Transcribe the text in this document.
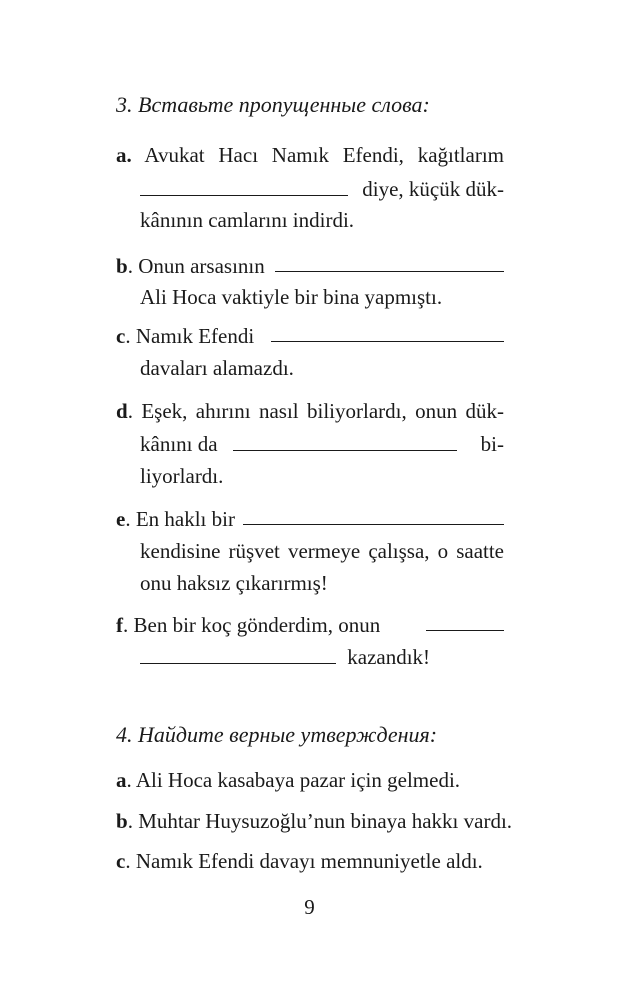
3. Вставьте пропущенные слова:
a. Avukat Hacı Namık Efendi, kağıtlarım
diye, küçük dük-
kânının camlarını indirdi.
b. Onun arsasının
Ali Hoca vaktiyle bir bina yapmıştı.
c. Namık Efendi
davaları alamazdı.
d. Eşek, ahırını nasıl biliyorlardı, onun dük-
kânını da	bi-
liyorlardı.
e. En haklı bir
kendisine rüşvet vermeye çalışsa, o saatte
onu haksız çıkarırmış!
f. Ben bir koç gönderdim, onun
kazandık!
4. Найдите верные утверждения:
a. Ali Hoca kasabaya pazar için gelmedi.
b. Muhtar Huysuzoğlu’nun binaya hakkı vardı.
c. Namık Efendi davayı memnuniyetle aldı.
9
